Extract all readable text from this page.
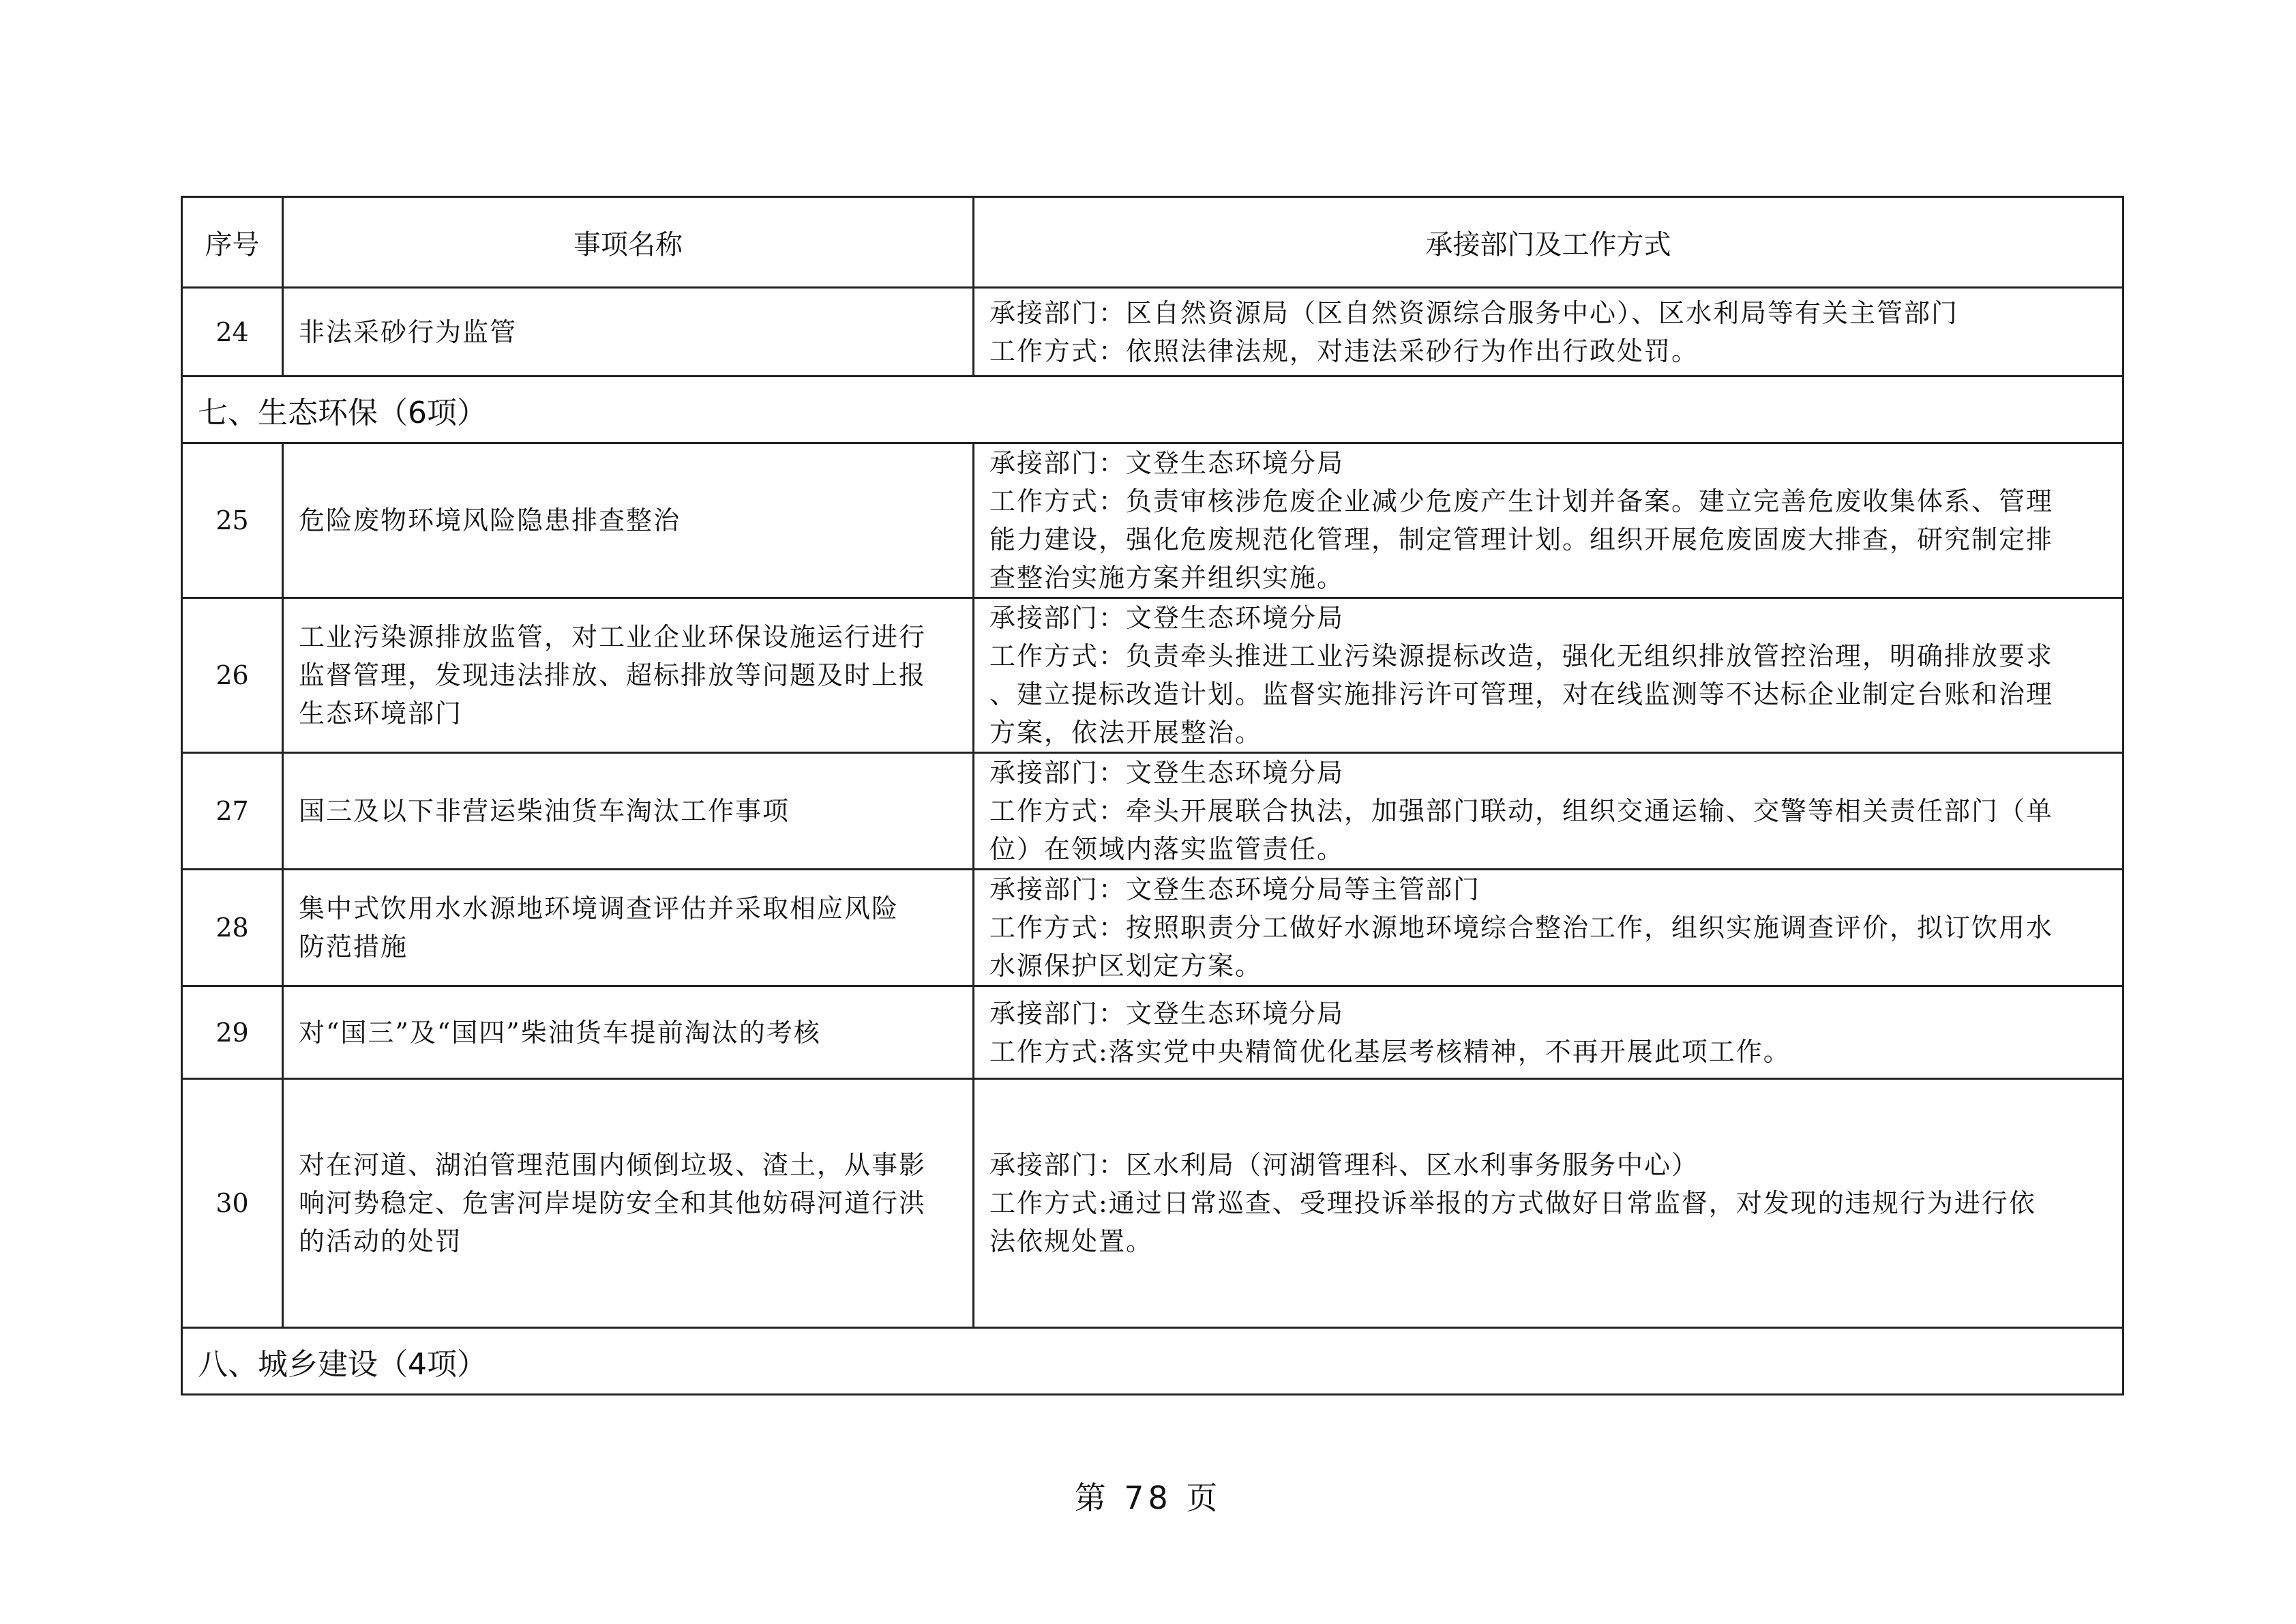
序号	事项名称	承接部门及工作方式
24	非法采砂行为监管	承接部门：区自然资源局（区自然资源综合服务中心）、区水利局等有关主管部门
工作方式：依照法律法规，对违法采砂行为作出行政处罚。

七、生态环保（6项）		
25	危险废物环境风险隐患排查整治	承接部门：文登生态环境分局
工作方式：负责审核涉危废企业减少危废产生计划并备案。建立完善危废收集体系、管理
能力建设，强化危废规范化管理，制定管理计划。组织开展危废固废大排查，研究制定排
查整治实施方案并组织实施。

26	工业污染源排放监管，对工业企业环保设施运行进行
监督管理，发现违法排放、超标排放等问题及时上报
生态环境部门	承接部门：文登生态环境分局
工作方式：负责牵头推进工业污染源提标改造，强化无组织排放管控治理，明确排放要求
、建立提标改造计划。监督实施排污许可管理，对在线监测等不达标企业制定台账和治理
方案，依法开展整治。

27	国三及以下非营运柴油货车淘汰工作事项	承接部门：文登生态环境分局
工作方式：牵头开展联合执法，加强部门联动，组织交通运输、交警等相关责任部门（单
位）在领域内落实监管责任。

28	集中式饮用水水源地环境调查评估并采取相应风险
防范措施	承接部门：文登生态环境分局等主管部门
工作方式：按照职责分工做好水源地环境综合整治工作，组织实施调查评价，拟订饮用水
水源保护区划定方案。

29	对“国三”及“国四”柴油货车提前淘汰的考核	承接部门：文登生态环境分局
工作方式:落实党中央精简优化基层考核精神，不再开展此项工作。

30	对在河道、湖泊管理范围内倾倒垃圾、渣土，从事影
响河势稳定、危害河岸堤防安全和其他妨碍河道行洪
的活动的处罚	承接部门：区水利局（河湖管理科、区水利事务服务中心）
工作方式:通过日常巡查、受理投诉举报的方式做好日常监督，对发现的违规行为进行依
法依规处置。

八、城乡建设（4项）		
第 78 页
